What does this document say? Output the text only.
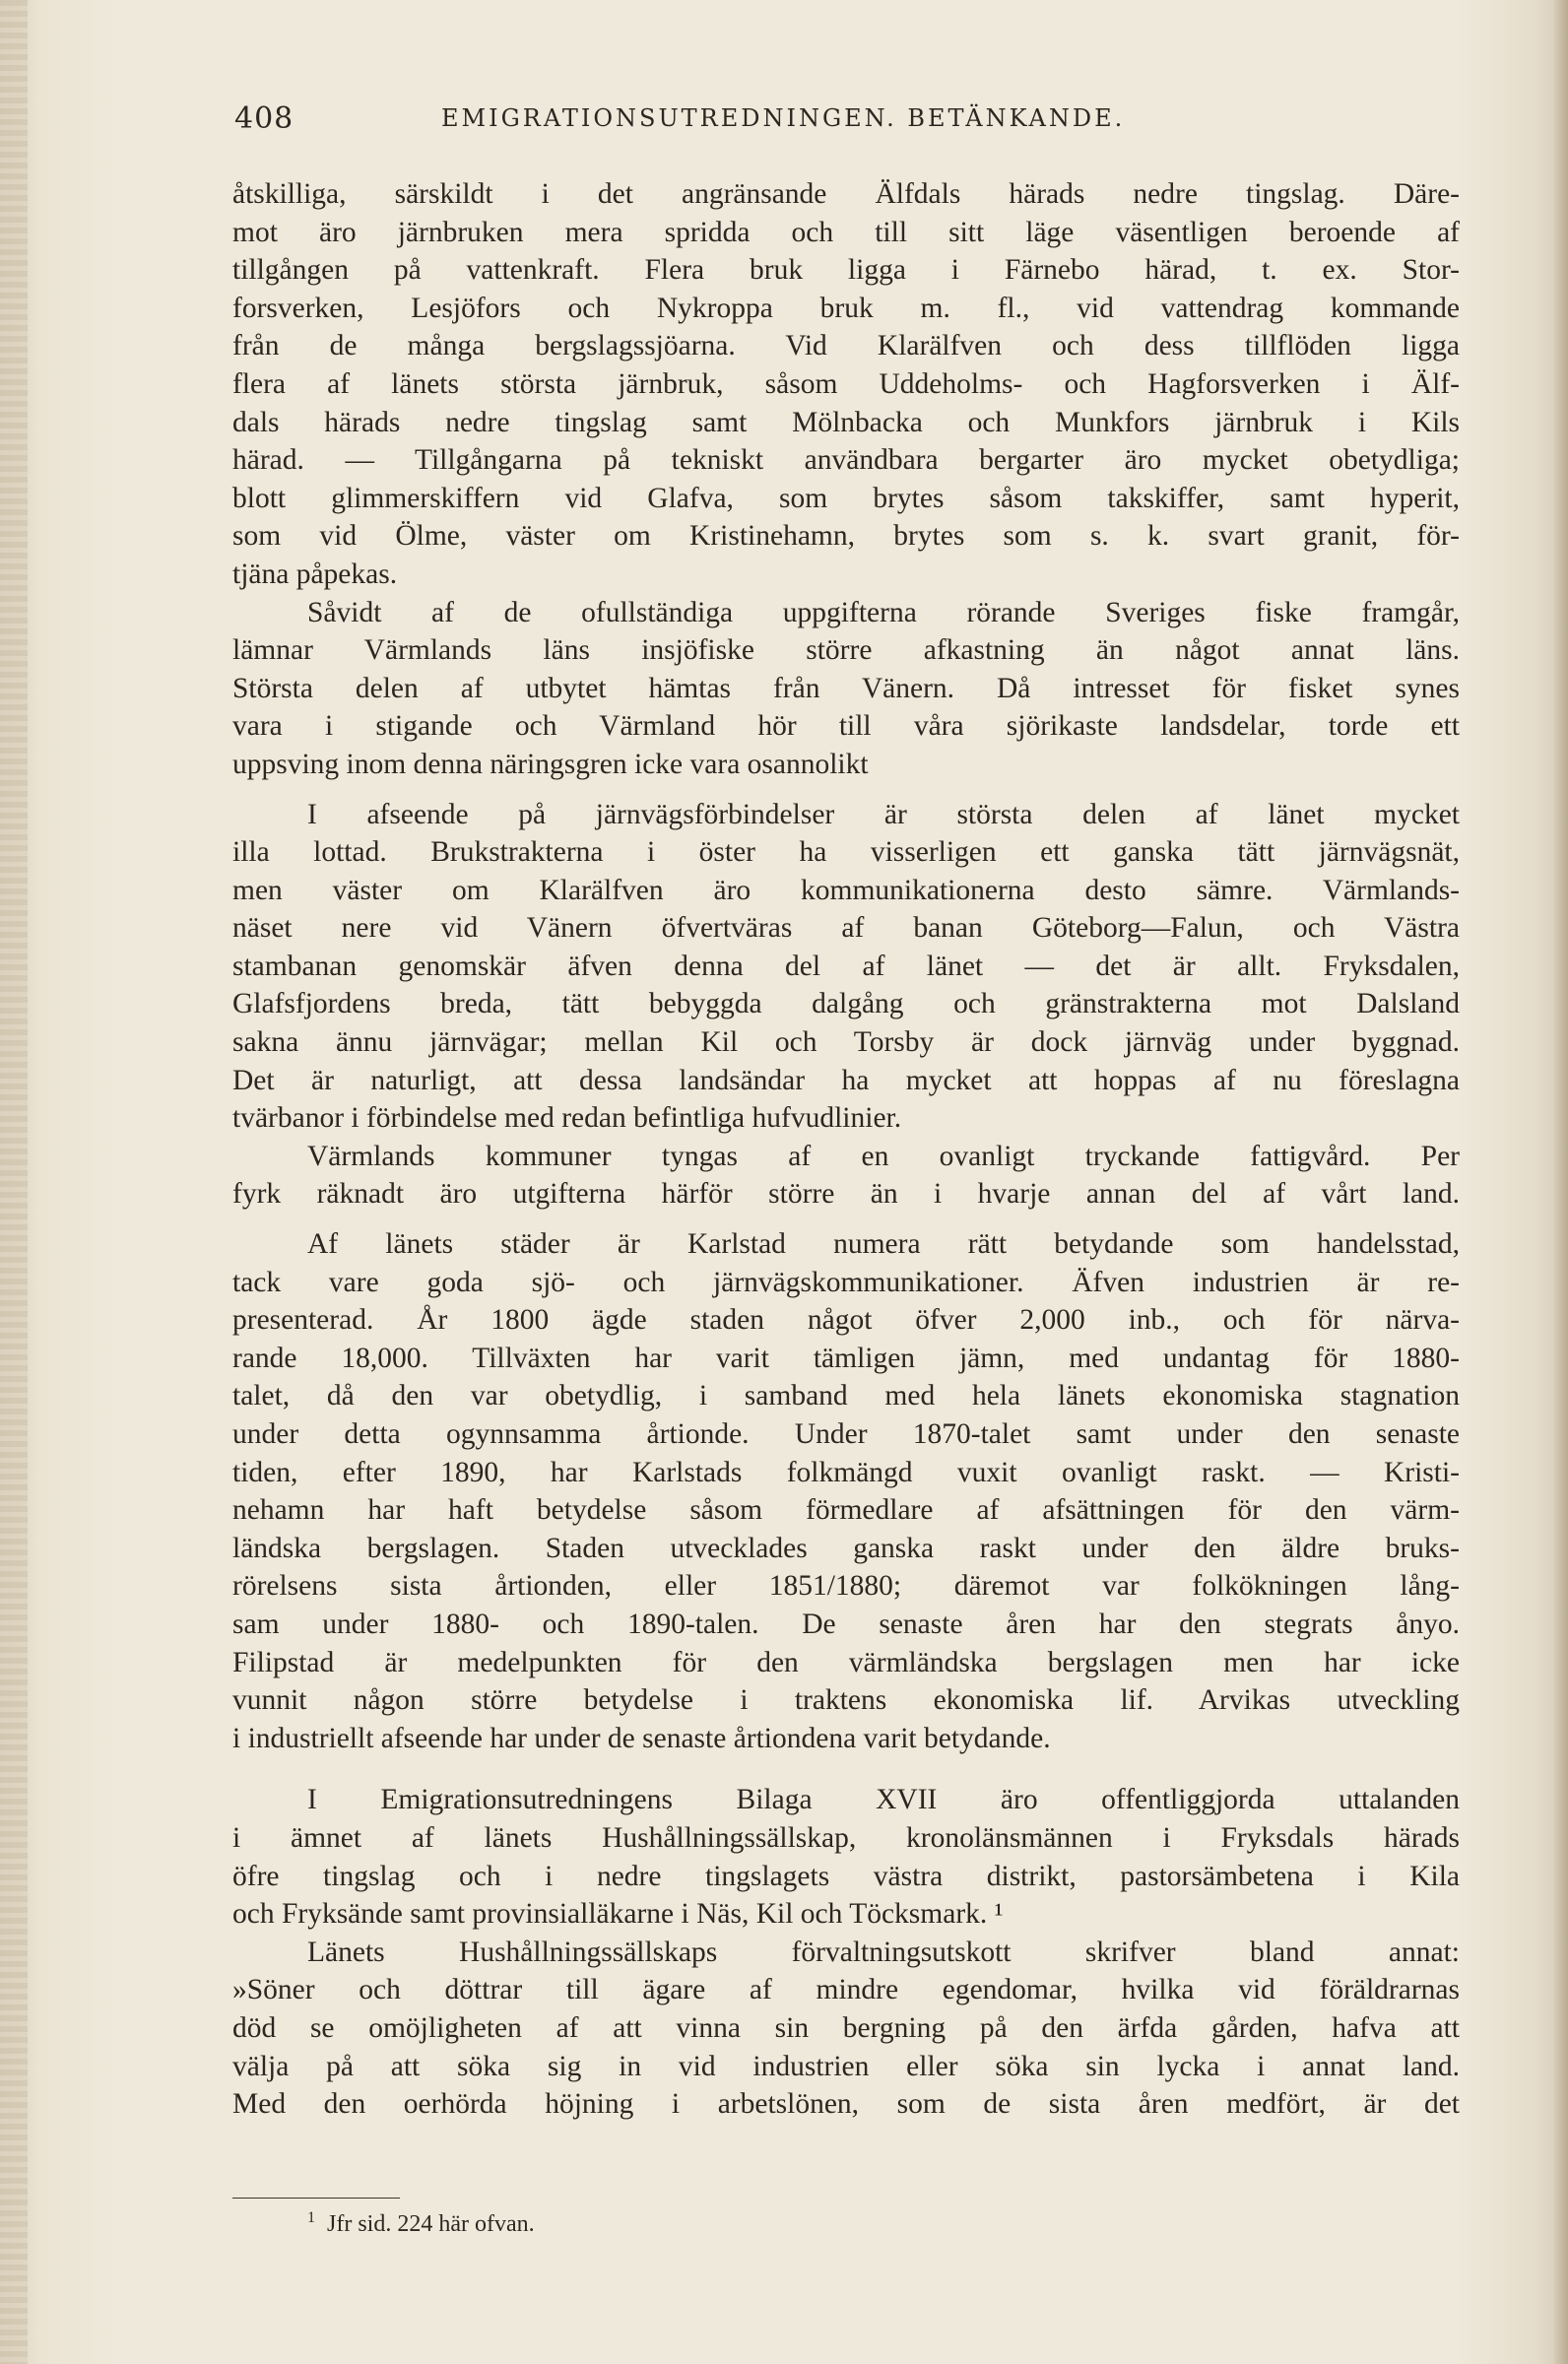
408	EMIGRATIONSUTREDNINGEN. BETÄNKANDE.
åtskilliga, särskildt i det angränsande Älfdals härads nedre tingslag. Däre-
mot äro järnbruken mera spridda och till sitt läge väsentligen beroende af
tillgången på vattenkraft. Flera bruk ligga i Färnebo härad, t. ex. Stor-
forsverken, Lesjöfors och Nykroppa bruk m. fl., vid vattendrag kommande
från de många bergslagssjöarna. Vid Klarälfven och dess tillflöden ligga
flera af länets största järnbruk, såsom Uddeholms- och Hagforsverken i Älf-
dals härads nedre tingslag samt Mölnbacka och Munkfors järnbruk i Kils
härad. — Tillgångarna på tekniskt användbara bergarter äro mycket obetydliga;
blott glimmerskiffern vid Glafva, som brytes såsom takskiffer, samt hyperit,
som vid Ölme, väster om Kristinehamn, brytes som s. k. svart granit, för-
tjäna påpekas.
Såvidt af de ofullständiga uppgifterna rörande Sveriges fiske framgår,
lämnar Värmlands läns insjöfiske större afkastning än något annat läns.
Största delen af utbytet hämtas från Vänern. Då intresset för fisket synes
vara i stigande och Värmland hör till våra sjörikaste landsdelar, torde ett
uppsving inom denna näringsgren icke vara osannolikt
I afseende på järnvägsförbindelser är största delen af länet mycket
illa lottad. Brukstrakterna i öster ha visserligen ett ganska tätt järnvägsnät,
men väster om Klarälfven äro kommunikationerna desto sämre. Värmlands-
näset nere vid Vänern öfvertväras af banan Göteborg—Falun, och Västra
stambanan genomskär äfven denna del af länet — det är allt. Fryksdalen,
Glafsfjordens breda, tätt bebyggda dalgång och gränstrakterna mot Dalsland
sakna ännu järnvägar; mellan Kil och Torsby är dock järnväg under byggnad.
Det är naturligt, att dessa landsändar ha mycket att hoppas af nu föreslagna
tvärbanor i förbindelse med redan befintliga hufvudlinier.
Värmlands kommuner tyngas af en ovanligt tryckande fattigvård. Per
fyrk räknadt äro utgifterna härför större än i hvarje annan del af vårt land.
Af länets städer är Karlstad numera rätt betydande som handelsstad,
tack vare goda sjö- och järnvägskommunikationer. Äfven industrien är re-
presenterad. År 1800 ägde staden något öfver 2,000 inb., och för närva-
rande 18,000. Tillväxten har varit tämligen jämn, med undantag för 1880-
talet, då den var obetydlig, i samband med hela länets ekonomiska stagnation
under detta ogynnsamma årtionde. Under 1870-talet samt under den senaste
tiden, efter 1890, har Karlstads folkmängd vuxit ovanligt raskt. — Kristi-
nehamn har haft betydelse såsom förmedlare af afsättningen för den värm-
ländska bergslagen. Staden utvecklades ganska raskt under den äldre bruks-
rörelsens sista årtionden, eller 1851/1880; däremot var folkökningen lång-
sam under 1880- och 1890-talen. De senaste åren har den stegrats ånyo.
Filipstad är medelpunkten för den värmländska bergslagen men har icke
vunnit någon större betydelse i traktens ekonomiska lif. Arvikas utveckling
i industriellt afseende har under de senaste årtiondena varit betydande.
I Emigrationsutredningens Bilaga XVII äro offentliggjorda uttalanden
i ämnet af länets Hushållningssällskap, kronolänsmännen i Fryksdals härads
öfre tingslag och i nedre tingslagets västra distrikt, pastorsämbetena i Kila
och Fryksände samt provinsialläkarne i Näs, Kil och Töcksmark. ¹
Länets Hushållningssällskaps förvaltningsutskott skrifver bland annat:
»Söner och döttrar till ägare af mindre egendomar, hvilka vid föräldrarnas
död se omöjligheten af att vinna sin bergning på den ärfda gården, hafva att
välja på att söka sig in vid industrien eller söka sin lycka i annat land.
Med den oerhörda höjning i arbetslönen, som de sista åren medfört, är det
$^1$ Jfr sid. 224 här ofvan.
